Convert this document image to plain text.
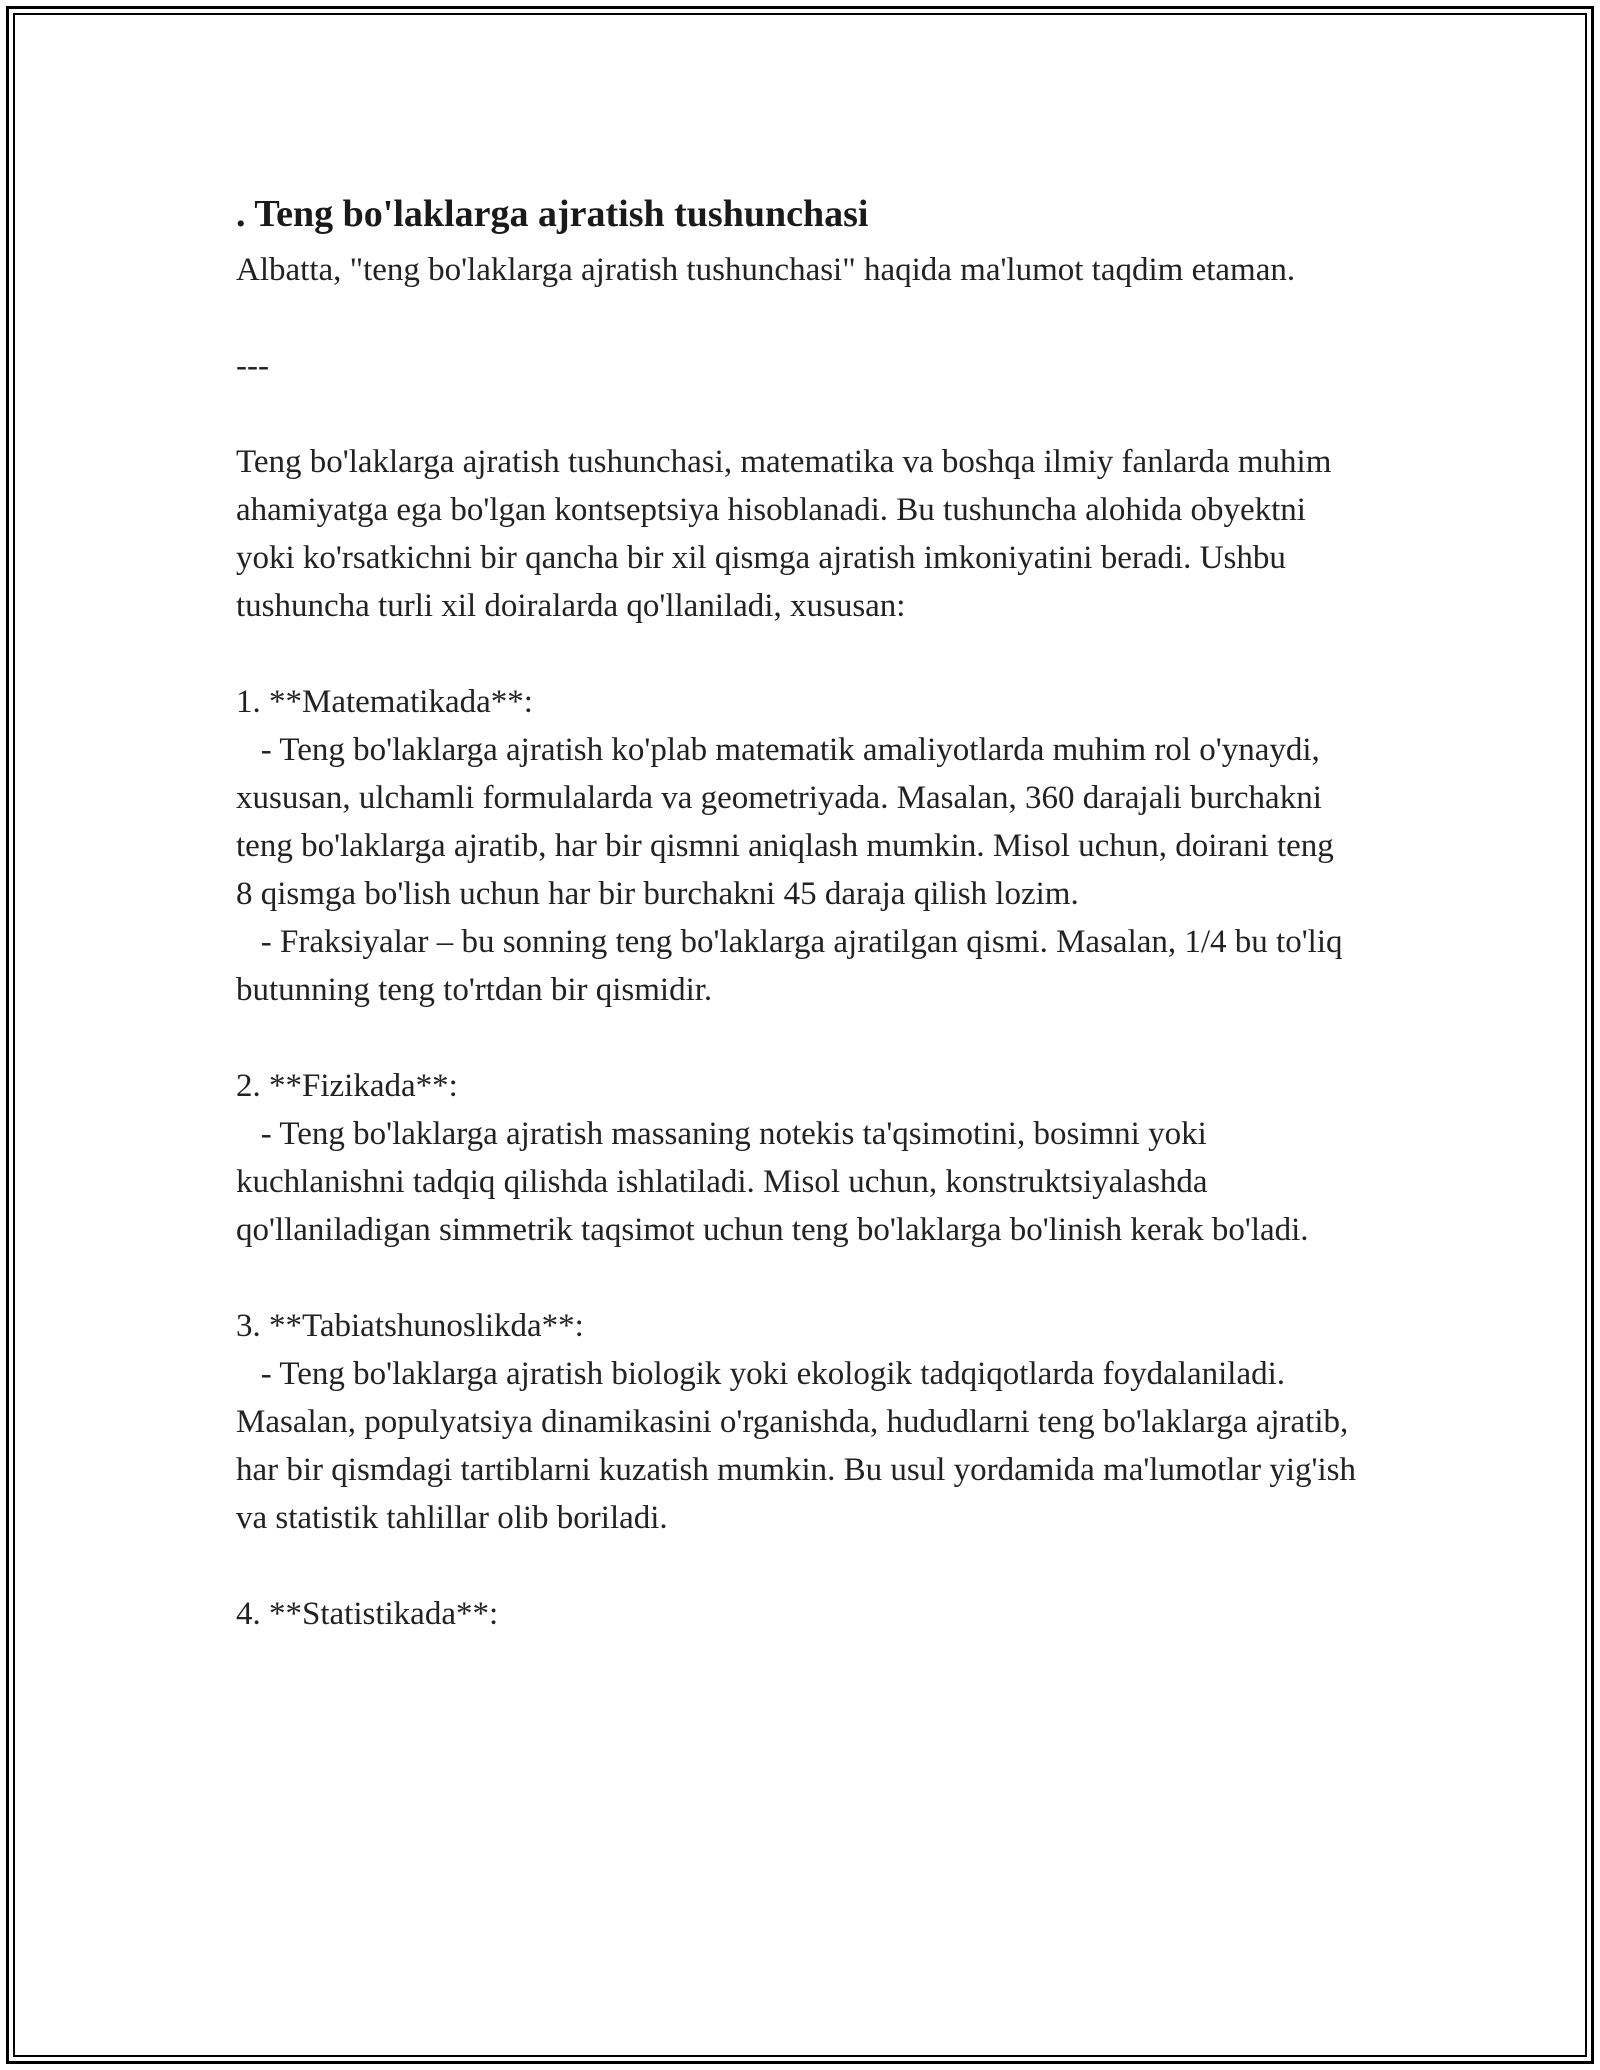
. Teng bo'laklarga ajratish tushunchasi

Albatta, "teng bo'laklarga ajratish tushunchasi" haqida ma'lumot taqdim etaman.

---

Teng bo'laklarga ajratish tushunchasi, matematika va boshqa ilmiy fanlarda muhim ahamiyatga ega bo'lgan kontseptsiya hisoblanadi. Bu tushuncha alohida obyektni yoki ko'rsatkichni bir qancha bir xil qismga ajratish imkoniyatini beradi. Ushbu tushuncha turli xil doiralarda qo'llaniladi, xususan:

1. **Matematikada**:

- Teng bo'laklarga ajratish ko'plab matematik amaliyotlarda muhim rol o'ynaydi, xususan, ulchamli formulalarda va geometriyada. Masalan, 360 darajali burchakni teng bo'laklarga ajratib, har bir qismni aniqlash mumkin. Misol uchun, doirani teng 8 qismga bo'lish uchun har bir burchakni 45 daraja qilish lozim.

- Fraksiyalar – bu sonning teng bo'laklarga ajratilgan qismi. Masalan, 1/4 bu to'liq butunning teng to'rtdan bir qismidir.

2. **Fizikada**:

- Teng bo'laklarga ajratish massaning notekis ta'qsimotini, bosimni yoki kuchlanishni tadqiq qilishda ishlatiladi. Misol uchun, konstruktsiyalashda qo'llaniladigan simmetrik taqsimot uchun teng bo'laklarga bo'linish kerak bo'ladi.

3. **Tabiatshunoslikda**:

- Teng bo'laklarga ajratish biologik yoki ekologik tadqiqotlarda foydalaniladi. Masalan, populyatsiya dinamikasini o'rganishda, hududlarni teng bo'laklarga ajratib, har bir qismdagi tartiblarni kuzatish mumkin. Bu usul yordamida ma'lumotlar yig'ish va statistik tahlillar olib boriladi.

4. **Statistikada**:
